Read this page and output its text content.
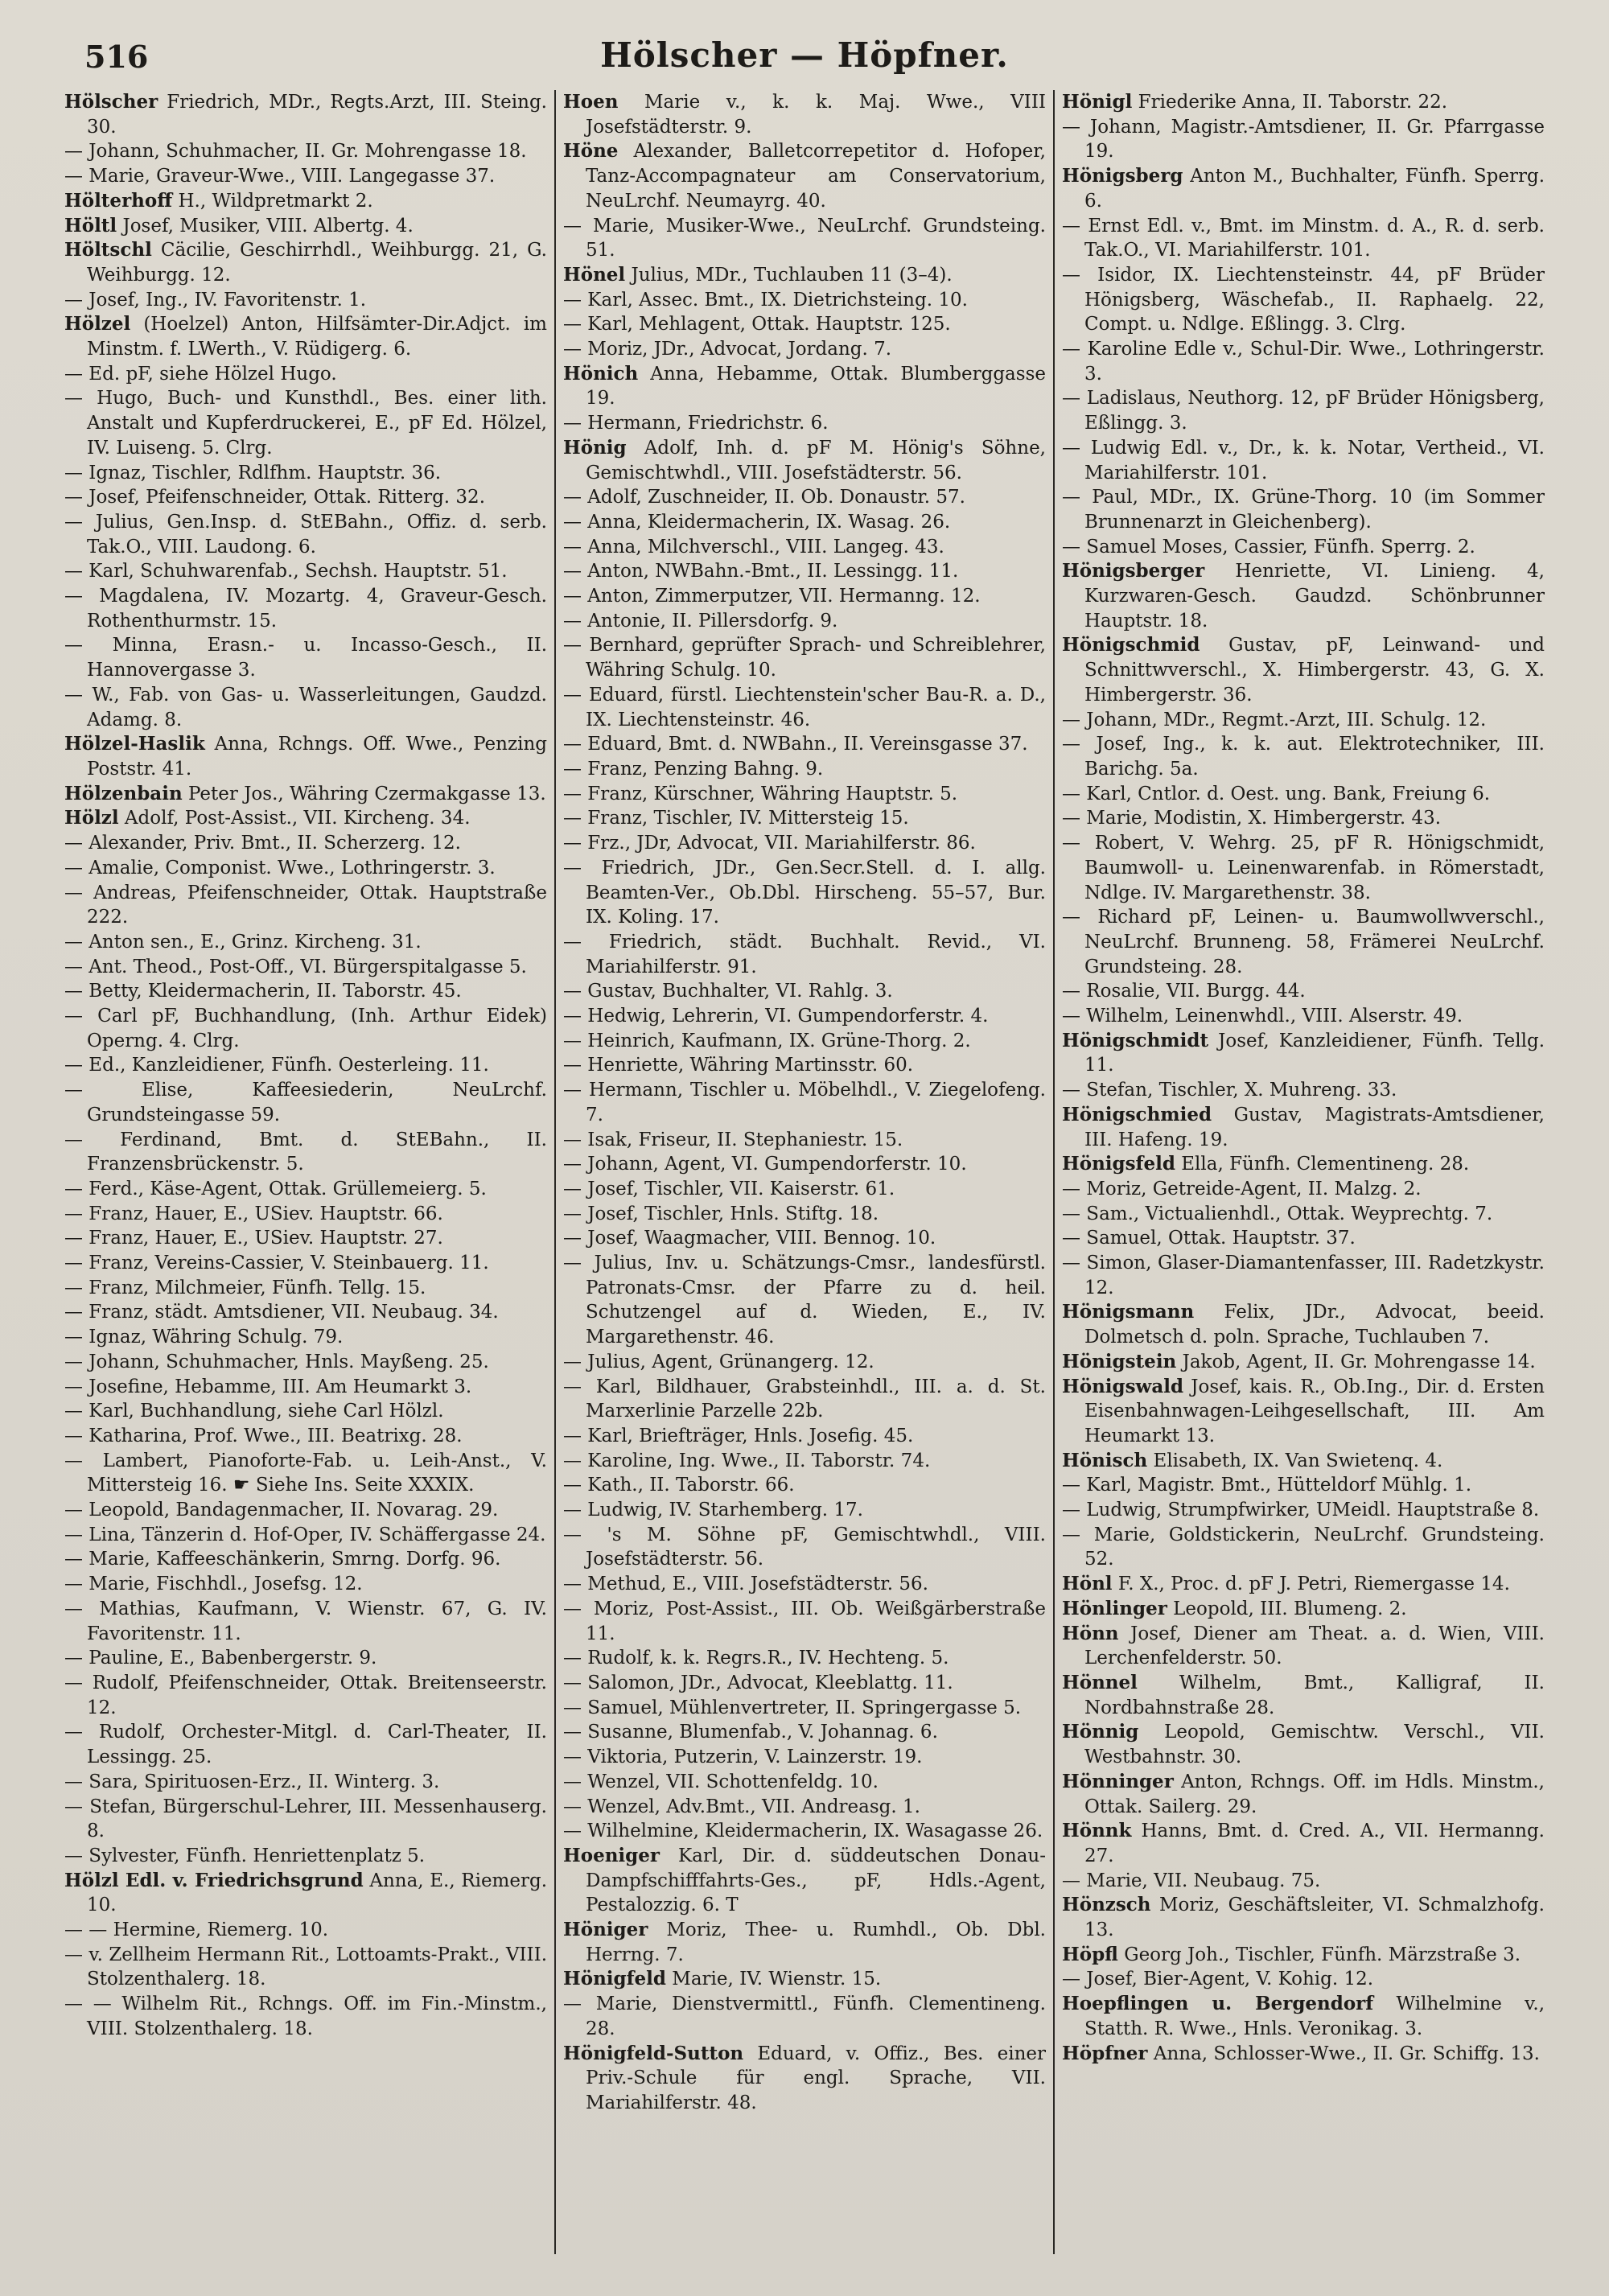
516	Hölscher — Höpfner.

Hölscher Friedrich, MDr., Regts.Arzt, III. Steing. 30.

— Johann, Schuhmacher, II. Gr. Mohrengasse 18.

— Marie, Graveur-Wwe., VIII. Langegasse 37.

Hölterhoff H., Wildpretmarkt 2.

Höltl Josef, Musiker, VIII. Albertg. 4.

Höltschl Cäcilie, Geschirrhdl., Weihburgg. 21, G. Weihburgg. 12.

— Josef, Ing., IV. Favoritenstr. 1.

Hölzel (Hoelzel) Anton, Hilfsämter-Dir.Adjct. im Minstm. f. LWerth., V. Rüdigerg. 6.

— Ed. pF, siehe Hölzel Hugo.

— Hugo, Buch- und Kunsthdl., Bes. einer lith. Anstalt und Kupferdruckerei, E., pF Ed. Hölzel, IV. Luiseng. 5. Clrg.

— Ignaz, Tischler, Rdlfhm. Hauptstr. 36.

— Josef, Pfeifenschneider, Ottak. Ritterg. 32.

— Julius, Gen.Insp. d. StEBahn., Offiz. d. serb. Tak.O., VIII. Laudong. 6.

— Karl, Schuhwarenfab., Sechsh. Hauptstr. 51.

— Magdalena, IV. Mozartg. 4, Graveur-Gesch. Rothenthurmstr. 15.

— Minna, Erasn.- u. Incasso-Gesch., II. Hannovergasse 3.

— W., Fab. von Gas- u. Wasserleitungen, Gaudzd. Adamg. 8.

Hölzel-Haslik Anna, Rchngs. Off. Wwe., Penzing Poststr. 41.

Hölzenbain Peter Jos., Währing Czermakgasse 13.

Hölzl Adolf, Post-Assist., VII. Kircheng. 34.

— Alexander, Priv. Bmt., II. Scherzerg. 12.

— Amalie, Componist. Wwe., Lothringerstr. 3.

— Andreas, Pfeifenschneider, Ottak. Hauptstraße 222.

— Anton sen., E., Grinz. Kircheng. 31.

— Ant. Theod., Post-Off., VI. Bürgerspitalgasse 5.

— Betty, Kleidermacherin, II. Taborstr. 45.

— Carl pF, Buchhandlung, (Inh. Arthur Eidek) Operng. 4. Clrg.

— Ed., Kanzleidiener, Fünfh. Oesterleing. 11.

— Elise, Kaffeesiederin, NeuLrchf. Grundsteingasse 59.

— Ferdinand, Bmt. d. StEBahn., II. Franzensbrückenstr. 5.

— Ferd., Käse-Agent, Ottak. Grüllemeierg. 5.

— Franz, Hauer, E., USiev. Hauptstr. 66.

— Franz, Hauer, E., USiev. Hauptstr. 27.

— Franz, Vereins-Cassier, V. Steinbauerg. 11.

— Franz, Milchmeier, Fünfh. Tellg. 15.

— Franz, städt. Amtsdiener, VII. Neubaug. 34.

— Ignaz, Währing Schulg. 79.

— Johann, Schuhmacher, Hnls. Mayßeng. 25.

— Josefine, Hebamme, III. Am Heumarkt 3.

— Karl, Buchhandlung, siehe Carl Hölzl.

— Katharina, Prof. Wwe., III. Beatrixg. 28.

— Lambert, Pianoforte-Fab. u. Leih-Anst., V. Mittersteig 16. ☛ Siehe Ins. Seite XXXIX.

— Leopold, Bandagenmacher, II. Novarag. 29.

— Lina, Tänzerin d. Hof-Oper, IV. Schäffergasse 24.

— Marie, Kaffeeschänkerin, Smrng. Dorfg. 96.

— Marie, Fischhdl., Josefsg. 12.

— Mathias, Kaufmann, V. Wienstr. 67, G. IV. Favoritenstr. 11.

— Pauline, E., Babenbergerstr. 9.

— Rudolf, Pfeifenschneider, Ottak. Breitenseerstr. 12.

— Rudolf, Orchester-Mitgl. d. Carl-Theater, II. Lessingg. 25.

— Sara, Spirituosen-Erz., II. Winterg. 3.

— Stefan, Bürgerschul-Lehrer, III. Messenhauserg. 8.

— Sylvester, Fünfh. Henriettenplatz 5.

Hölzl Edl. v. Friedrichsgrund Anna, E., Riemerg. 10.

— — Hermine, Riemerg. 10.

— v. Zellheim Hermann Rit., Lottoamts-Prakt., VIII. Stolzenthalerg. 18.

— — Wilhelm Rit., Rchngs. Off. im Fin.-Minstm., VIII. Stolzenthalerg. 18.

Hoen Marie v., k. k. Maj. Wwe., VIII Josefstädterstr. 9.

Höne Alexander, Balletcorrepetitor d. Hofoper, Tanz-Accompagnateur am Conservatorium, NeuLrchf. Neumayrg. 40.

— Marie, Musiker-Wwe., NeuLrchf. Grundsteing. 51.

Hönel Julius, MDr., Tuchlauben 11 (3–4).

— Karl, Assec. Bmt., IX. Dietrichsteing. 10.

— Karl, Mehlagent, Ottak. Hauptstr. 125.

— Moriz, JDr., Advocat, Jordang. 7.

Hönich Anna, Hebamme, Ottak. Blumberggasse 19.

— Hermann, Friedrichstr. 6.

Hönig Adolf, Inh. d. pF M. Hönig's Söhne, Gemischtwhdl., VIII. Josefstädterstr. 56.

— Adolf, Zuschneider, II. Ob. Donaustr. 57.

— Anna, Kleidermacherin, IX. Wasag. 26.

— Anna, Milchverschl., VIII. Langeg. 43.

— Anton, NWBahn.-Bmt., II. Lessingg. 11.

— Anton, Zimmerputzer, VII. Hermanng. 12.

— Antonie, II. Pillersdorfg. 9.

— Bernhard, geprüfter Sprach- und Schreiblehrer, Währing Schulg. 10.

— Eduard, fürstl. Liechtenstein'scher Bau-R. a. D., IX. Liechtensteinstr. 46.

— Eduard, Bmt. d. NWBahn., II. Vereinsgasse 37.

— Franz, Penzing Bahng. 9.

— Franz, Kürschner, Währing Hauptstr. 5.

— Franz, Tischler, IV. Mittersteig 15.

— Frz., JDr, Advocat, VII. Mariahilferstr. 86.

— Friedrich, JDr., Gen.Secr.Stell. d. I. allg. Beamten-Ver., Ob.Dbl. Hirscheng. 55–57, Bur. IX. Koling. 17.

— Friedrich, städt. Buchhalt. Revid., VI. Mariahilferstr. 91.

— Gustav, Buchhalter, VI. Rahlg. 3.

— Hedwig, Lehrerin, VI. Gumpendorferstr. 4.

— Heinrich, Kaufmann, IX. Grüne-Thorg. 2.

— Henriette, Währing Martinsstr. 60.

— Hermann, Tischler u. Möbelhdl., V. Ziegelofeng. 7.

— Isak, Friseur, II. Stephaniestr. 15.

— Johann, Agent, VI. Gumpendorferstr. 10.

— Josef, Tischler, VII. Kaiserstr. 61.

— Josef, Tischler, Hnls. Stiftg. 18.

— Josef, Waagmacher, VIII. Bennog. 10.

— Julius, Inv. u. Schätzungs-Cmsr., landesfürstl. Patronats-Cmsr. der Pfarre zu d. heil. Schutzengel auf d. Wieden, E., IV. Margarethenstr. 46.

— Julius, Agent, Grünangerg. 12.

— Karl, Bildhauer, Grabsteinhdl., III. a. d. St. Marxerlinie Parzelle 22b.

— Karl, Briefträger, Hnls. Josefig. 45.

— Karoline, Ing. Wwe., II. Taborstr. 74.

— Kath., II. Taborstr. 66.

— Ludwig, IV. Starhemberg. 17.

— 's M. Söhne pF, Gemischtwhdl., VIII. Josefstädterstr. 56.

— Methud, E., VIII. Josefstädterstr. 56.

— Moriz, Post-Assist., III. Ob. Weißgärberstraße 11.

— Rudolf, k. k. Regrs.R., IV. Hechteng. 5.

— Salomon, JDr., Advocat, Kleeblattg. 11.

— Samuel, Mühlenvertreter, II. Springergasse 5.

— Susanne, Blumenfab., V. Johannag. 6.

— Viktoria, Putzerin, V. Lainzerstr. 19.

— Wenzel, VII. Schottenfeldg. 10.

— Wenzel, Adv.Bmt., VII. Andreasg. 1.

— Wilhelmine, Kleidermacherin, IX. Wasagasse 26.

Hoeniger Karl, Dir. d. süddeutschen Donau-Dampfschifffahrts-Ges., pF, Hdls.-Agent, Pestalozzig. 6. T

Höniger Moriz, Thee- u. Rumhdl., Ob. Dbl. Herrng. 7.

Hönigfeld Marie, IV. Wienstr. 15.

— Marie, Dienstvermittl., Fünfh. Clementineng. 28.

Hönigfeld-Sutton Eduard, v. Offiz., Bes. einer Priv.-Schule für engl. Sprache, VII. Mariahilferstr. 48.

Hönigl Friederike Anna, II. Taborstr. 22.

— Johann, Magistr.-Amtsdiener, II. Gr. Pfarrgasse 19.

Hönigsberg Anton M., Buchhalter, Fünfh. Sperrg. 6.

— Ernst Edl. v., Bmt. im Minstm. d. A., R. d. serb. Tak.O., VI. Mariahilferstr. 101.

— Isidor, IX. Liechtensteinstr. 44, pF Brüder Hönigsberg, Wäschefab., II. Raphaelg. 22, Compt. u. Ndlge. Eßlingg. 3. Clrg.

— Karoline Edle v., Schul-Dir. Wwe., Lothringerstr. 3.

— Ladislaus, Neuthorg. 12, pF Brüder Hönigsberg, Eßlingg. 3.

— Ludwig Edl. v., Dr., k. k. Notar, Vertheid., VI. Mariahilferstr. 101.

— Paul, MDr., IX. Grüne-Thorg. 10 (im Sommer Brunnenarzt in Gleichenberg).

— Samuel Moses, Cassier, Fünfh. Sperrg. 2.

Hönigsberger Henriette, VI. Linieng. 4, Kurzwaren-Gesch. Gaudzd. Schönbrunner Hauptstr. 18.

Hönigschmid Gustav, pF, Leinwand- und Schnittwverschl., X. Himbergerstr. 43, G. X. Himbergerstr. 36.

— Johann, MDr., Regmt.-Arzt, III. Schulg. 12.

— Josef, Ing., k. k. aut. Elektrotechniker, III. Barichg. 5a.

— Karl, Cntlor. d. Oest. ung. Bank, Freiung 6.

— Marie, Modistin, X. Himbergerstr. 43.

— Robert, V. Wehrg. 25, pF R. Hönigschmidt, Baumwoll- u. Leinenwarenfab. in Römerstadt, Ndlge. IV. Margarethenstr. 38.

— Richard pF, Leinen- u. Baumwollwverschl., NeuLrchf. Brunneng. 58, Främerei NeuLrchf. Grundsteing. 28.

— Rosalie, VII. Burgg. 44.

— Wilhelm, Leinenwhdl., VIII. Alserstr. 49.

Hönigschmidt Josef, Kanzleidiener, Fünfh. Tellg. 11.

— Stefan, Tischler, X. Muhreng. 33.

Hönigschmied Gustav, Magistrats-Amtsdiener, III. Hafeng. 19.

Hönigsfeld Ella, Fünfh. Clementineng. 28.

— Moriz, Getreide-Agent, II. Malzg. 2.

— Sam., Victualienhdl., Ottak. Weyprechtg. 7.

— Samuel, Ottak. Hauptstr. 37.

— Simon, Glaser-Diamantenfasser, III. Radetzkystr. 12.

Hönigsmann Felix, JDr., Advocat, beeid. Dolmetsch d. poln. Sprache, Tuchlauben 7.

Hönigstein Jakob, Agent, II. Gr. Mohrengasse 14.

Hönigswald Josef, kais. R., Ob.Ing., Dir. d. Ersten Eisenbahnwagen-Leihgesellschaft, III. Am Heumarkt 13.

Hönisch Elisabeth, IX. Van Swietenq. 4.

— Karl, Magistr. Bmt., Hütteldorf Mühlg. 1.

— Ludwig, Strumpfwirker, UMeidl. Hauptstraße 8.

— Marie, Goldstickerin, NeuLrchf. Grundsteing. 52.

Hönl F. X., Proc. d. pF J. Petri, Riemergasse 14.

Hönlinger Leopold, III. Blumeng. 2.

Hönn Josef, Diener am Theat. a. d. Wien, VIII. Lerchenfelderstr. 50.

Hönnel Wilhelm, Bmt., Kalligraf, II. Nordbahnstraße 28.

Hönnig Leopold, Gemischtw. Verschl., VII. Westbahnstr. 30.

Hönninger Anton, Rchngs. Off. im Hdls. Minstm., Ottak. Sailerg. 29.

Hönnk Hanns, Bmt. d. Cred. A., VII. Hermanng. 27.

— Marie, VII. Neubaug. 75.

Hönzsch Moriz, Geschäftsleiter, VI. Schmalzhofg. 13.

Höpfl Georg Joh., Tischler, Fünfh. Märzstraße 3.

— Josef, Bier-Agent, V. Kohig. 12.

Hoepflingen u. Bergendorf Wilhelmine v., Statth. R. Wwe., Hnls. Veronikag. 3.

Höpfner Anna, Schlosser-Wwe., II. Gr. Schiffg. 13.
